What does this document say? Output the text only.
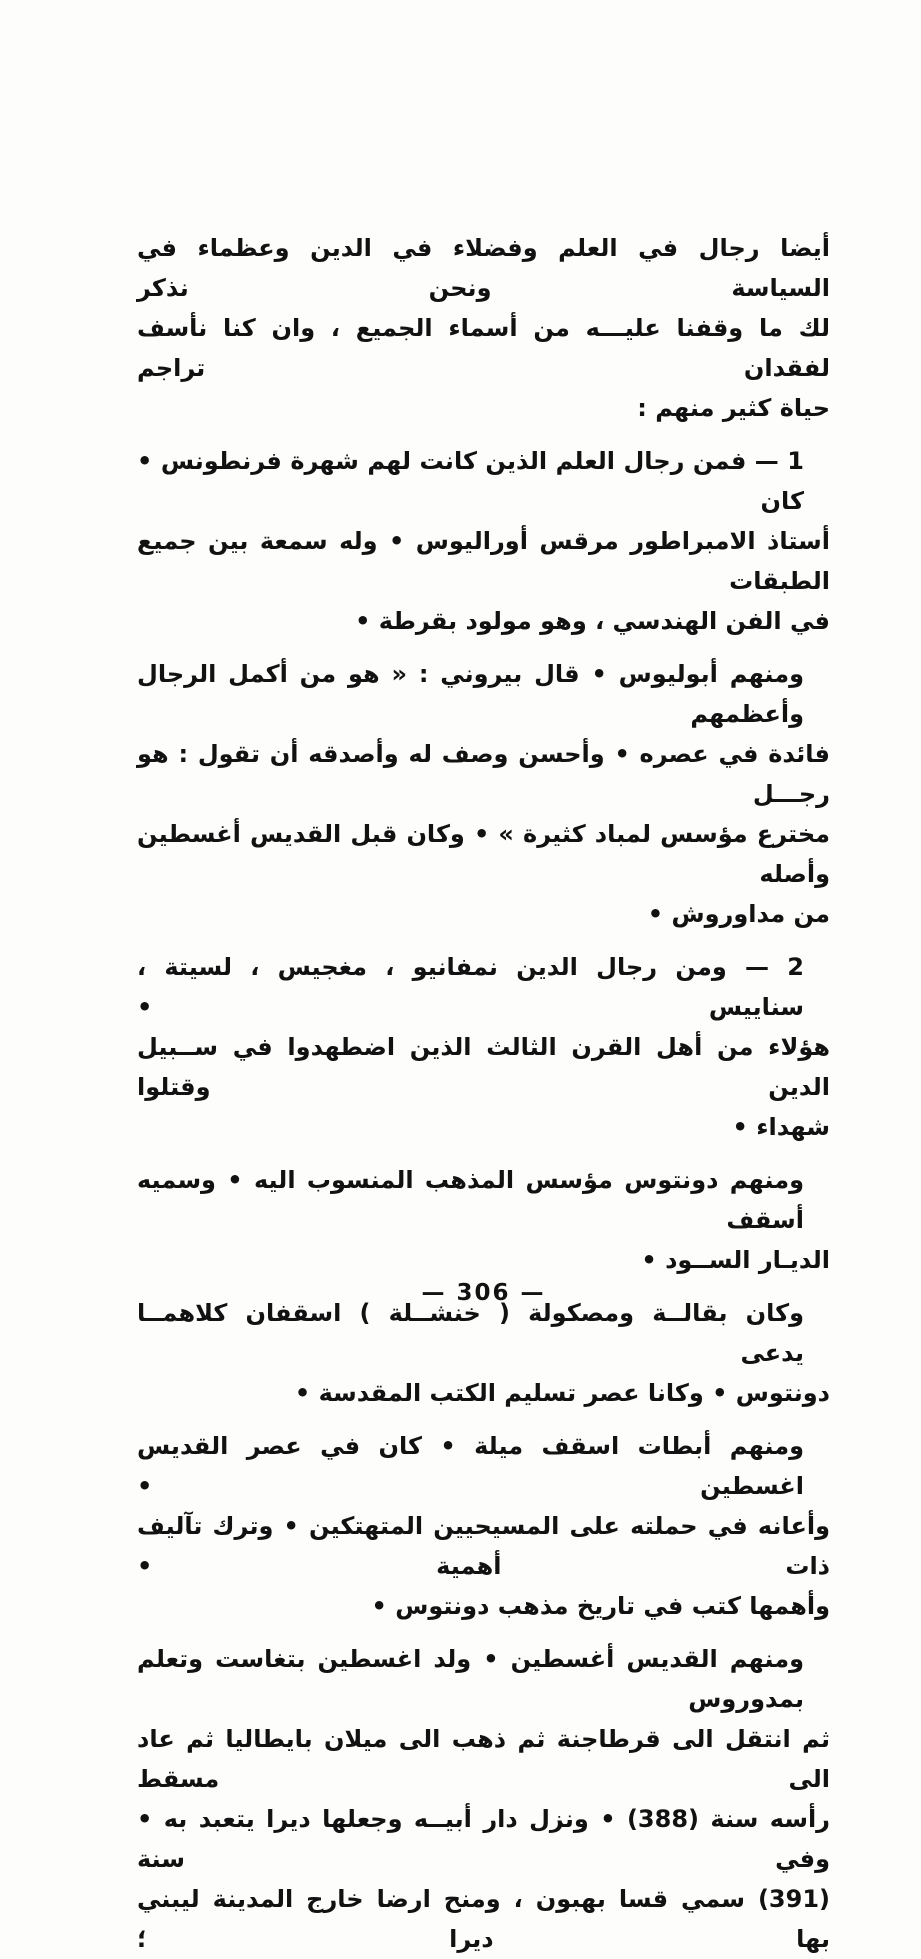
أيضا رجال في العلم وفضلاء في الدين وعظماء في السياسة ونحن نذكر
لك ما وقفنا عليـــه من أسماء الجميع ، وان كنا نأسف لفقدان تراجم
حياة كثير منهم :
1 — فمن رجال العلم الذين كانت لهم شهرة فرنطونس • كان
أستاذ الامبراطور مرقس أوراليوس • وله سمعة بين جميع الطبقات
في الفن الهندسي ، وهو مولود بقرطة •
ومنهم أبوليوس • قال بيروني : « هو من أكمل الرجال وأعظمهم
فائدة في عصره • وأحسن وصف له وأصدقه أن تقول : هو رجـــل
مخترع مؤسس لمباد كثيرة » • وكان قبل القديس أغسطين وأصله
من مداوروش •
2 — ومن رجال الدين نمفانيو ، مغجيس ، لسيتة ، سناييس •
هؤلاء من أهل القرن الثالث الذين اضطهدوا في ســبيل الدين وقتلوا
شهداء •
ومنهم دونتوس مؤسس المذهب المنسوب اليه • وسميه أسقف
الديـار الســود •
وكان بقالــة ومصكولة ( خنشــلة ) اسقفان كلاهمــا يدعى
دونتوس • وكانا عصر تسليم الكتب المقدسة •
ومنهم أبطات اسقف ميلة • كان في عصر القديس اغسطين •
وأعانه في حملته على المسيحيين المتهتكين • وترك تآليف ذات أهمية •
وأهمها كتب في تاريخ مذهب دونتوس •
ومنهم القديس أغسطين • ولد اغسطين بتغاست وتعلم بمدوروس
ثم انتقل الى قرطاجنة ثم ذهب الى ميلان بايطاليا ثم عاد الى مسقط
رأسه سنة (388) • ونزل دار أبيــه وجعلها ديرا يتعبد به • وفي سنة
(391) سمي قسا بهبون ، ومنح ارضا خارج المدينة ليبني بها ديرا ؛
— 306 —
